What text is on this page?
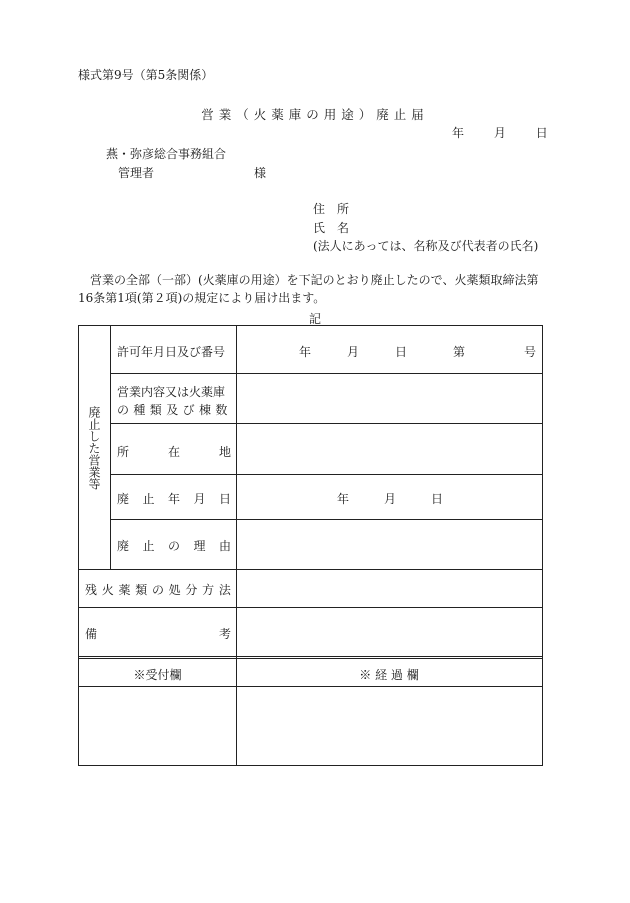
様式第9号（第5条関係）
営業（火薬庫の用途）廃止届
年 月 日
燕・弥彦総合事務組合
管理者	様
住　所
氏　名
(法人にあっては、名称及び代表者の氏名)
営業の全部（一部）(火薬庫の用途）を下記のとおり廃止したので、火薬類取締法第16条第1項(第２項)の規定により届け出ます。
記
廃止した営業等
許可年月日及び番号	年	月	日	第	号
営業内容又は火薬庫
の種類及び棟数
所	在	地
廃 止 年 月 日	年	月	日
廃 止 の 理 由
残 火 薬 類 の 処 分 方 法
備	考
※受付欄	※ 経 過 欄
